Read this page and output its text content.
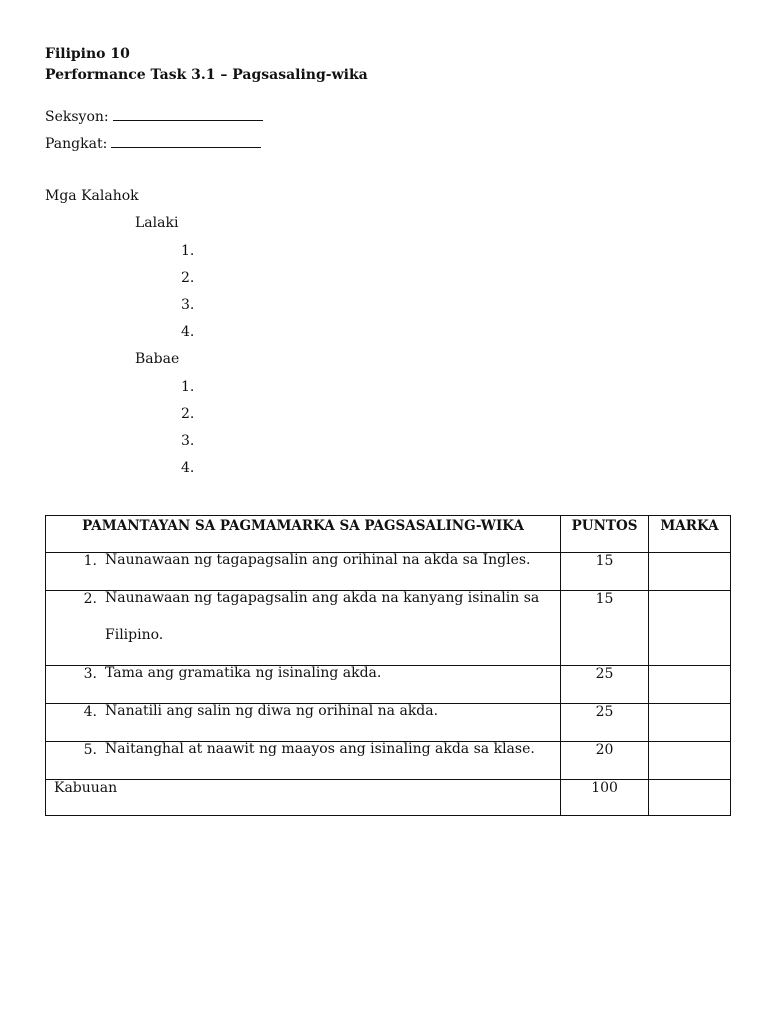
Filipino 10
Performance Task 3.1 – Pagsasaling-wika
Seksyon:
Pangkat:
Mga Kalahok
Lalaki
1.
2.
3.
4.
Babae
1.
2.
3.
4.
PAMANTAYAN SA PAGMAMARKA SA PAGSASALING-WIKA	PUNTOS	MARKA

1. Naunawaan ng tagapagsalin ang orihinal na akda sa Ingles.	15	

2. Naunawaan ng tagapagsalin ang akda na kanyang isinalin sa Filipino.	15	

3. Tama ang gramatika ng isinaling akda.	25	

4. Nanatili ang salin ng diwa ng orihinal na akda.	25	

5. Naitanghal at naawit ng maayos ang isinaling akda sa klase.	20	
Kabuuan	100	
